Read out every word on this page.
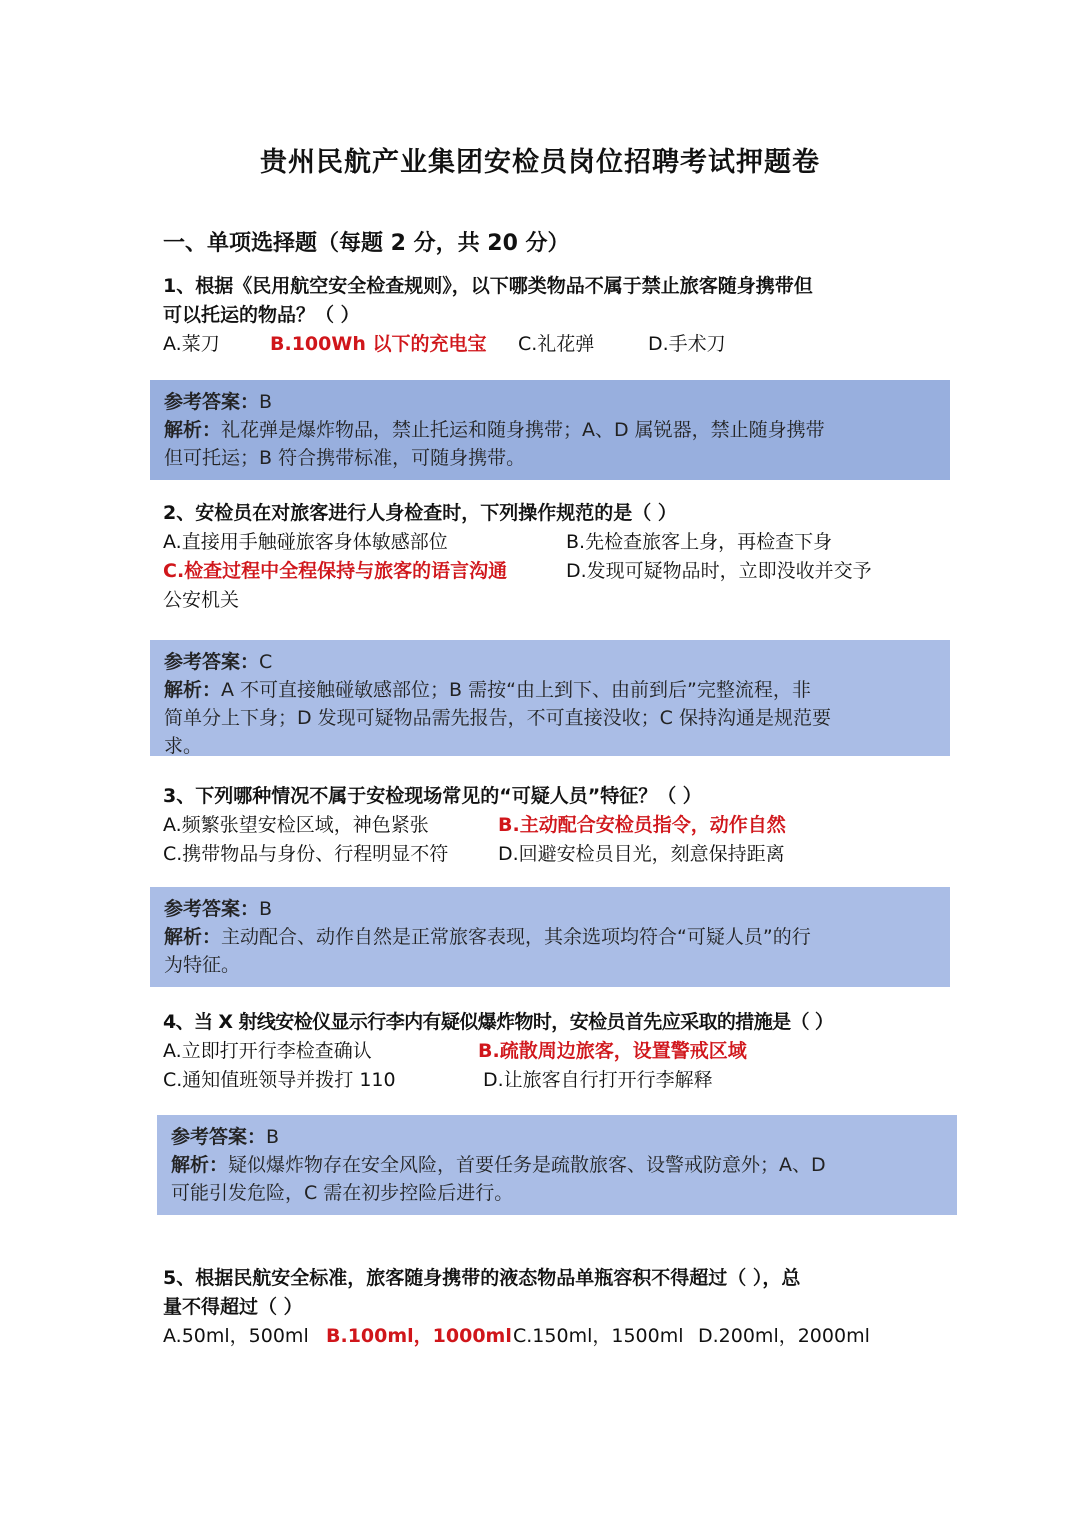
贵州民航产业集团安检员岗位招聘考试押题卷
一、单项选择题（每题 2 分，共 20 分）
1、根据《民用航空安全检查规则》，以下哪类物品不属于禁止旅客随身携带但
可以托运的物品？（ ）
A.菜刀	B.100Wh 以下的充电宝 C.礼花弹	D.手术刀
参考答案：B
解析：礼花弹是爆炸物品，禁止托运和随身携带；A、D 属锐器，禁止随身携带
但可托运；B 符合携带标准，可随身携带。
2、安检员在对旅客进行人身检查时，下列操作规范的是（ ）
A.直接用手触碰旅客身体敏感部位	B.先检查旅客上身，再检查下身
C.检查过程中全程保持与旅客的语言沟通	D.发现可疑物品时，立即没收并交予
公安机关
参考答案：C
解析：A 不可直接触碰敏感部位；B 需按“由上到下、由前到后”完整流程，非
简单分上下身；D 发现可疑物品需先报告，不可直接没收；C 保持沟通是规范要
求。
3、下列哪种情况不属于安检现场常见的“可疑人员”特征？（ ）
A.频繁张望安检区域，神色紧张	B.主动配合安检员指令，动作自然
C.携带物品与身份、行程明显不符	D.回避安检员目光，刻意保持距离
参考答案：B
解析：主动配合、动作自然是正常旅客表现，其余选项均符合“可疑人员”的行
为特征。
4、当 X 射线安检仪显示行李内有疑似爆炸物时，安检员首先应采取的措施是（ ）
A.立即打开行李检查确认	B.疏散周边旅客，设置警戒区域
C.通知值班领导并拨打 110	D.让旅客自行打开行李解释
参考答案：B
解析：疑似爆炸物存在安全风险，首要任务是疏散旅客、设警戒防意外；A、D
可能引发危险，C 需在初步控险后进行。
5、根据民航安全标准，旅客随身携带的液态物品单瓶容积不得超过（ ），总
量不得超过（ ）
A.50ml，500ml B.100ml，1000ml C.150ml，1500ml D.200ml，2000ml
